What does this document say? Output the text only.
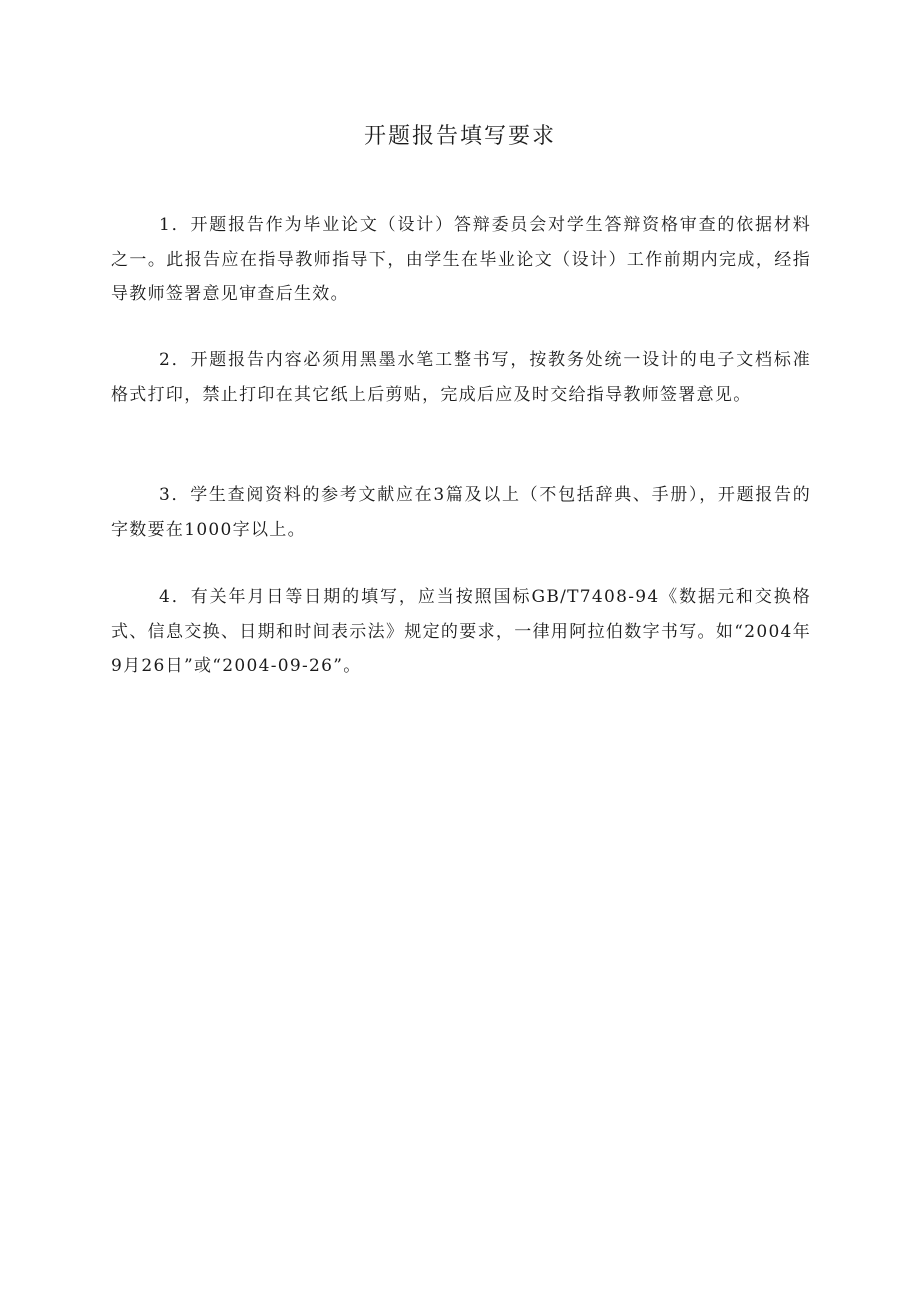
开题报告填写要求

1．开题报告作为毕业论文（设计）答辩委员会对学生答辩资格审查的依据材料之一。此报告应在指导教师指导下，由学生在毕业论文（设计）工作前期内完成，经指导教师签署意见审查后生效。

2．开题报告内容必须用黑墨水笔工整书写，按教务处统一设计的电子文档标准格式打印，禁止打印在其它纸上后剪贴，完成后应及时交给指导教师签署意见。

3．学生查阅资料的参考文献应在3篇及以上（不包括辞典、手册），开题报告的字数要在1000字以上。

4．有关年月日等日期的填写，应当按照国标GB/T7408-94《数据元和交换格式、信息交换、日期和时间表示法》规定的要求，一律用阿拉伯数字书写。如“2004年9月26日”或“2004-09-26”。
